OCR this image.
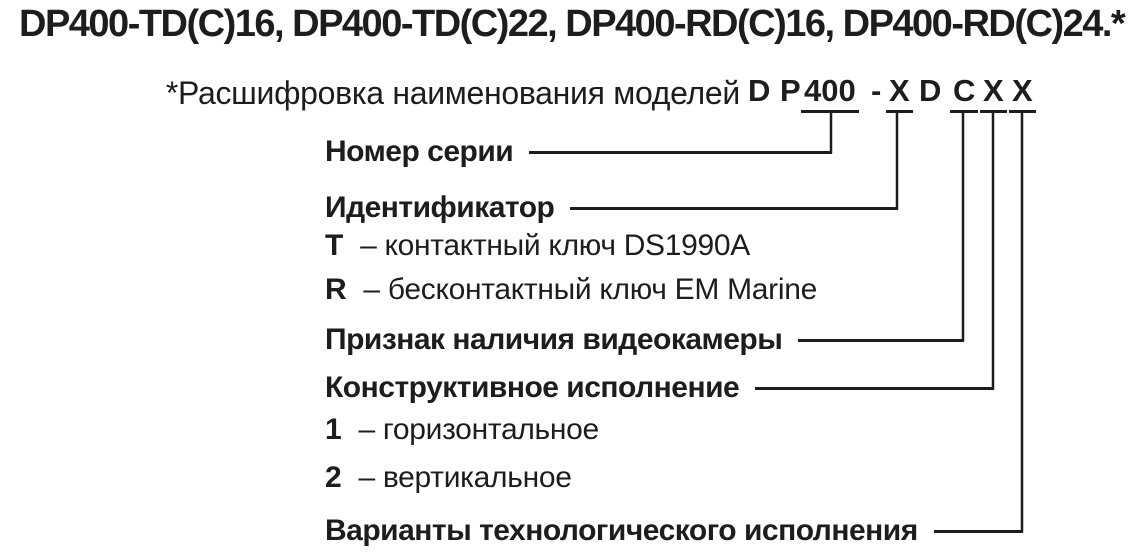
DP400-TD(C)16, DP400-TD(C)22, DP400-RD(C)16, DP400-RD(C)24.*
*Расшифровка наименования моделей D P 400 - X D C X X
Номер серии
Идентификатор
Т – контактный ключ DS1990A
R – бесконтактный ключ EM Marine
Признак наличия видеокамеры
Конструктивное исполнение
1 – горизонтальное
2 – вертикальное
Варианты технологического исполнения
